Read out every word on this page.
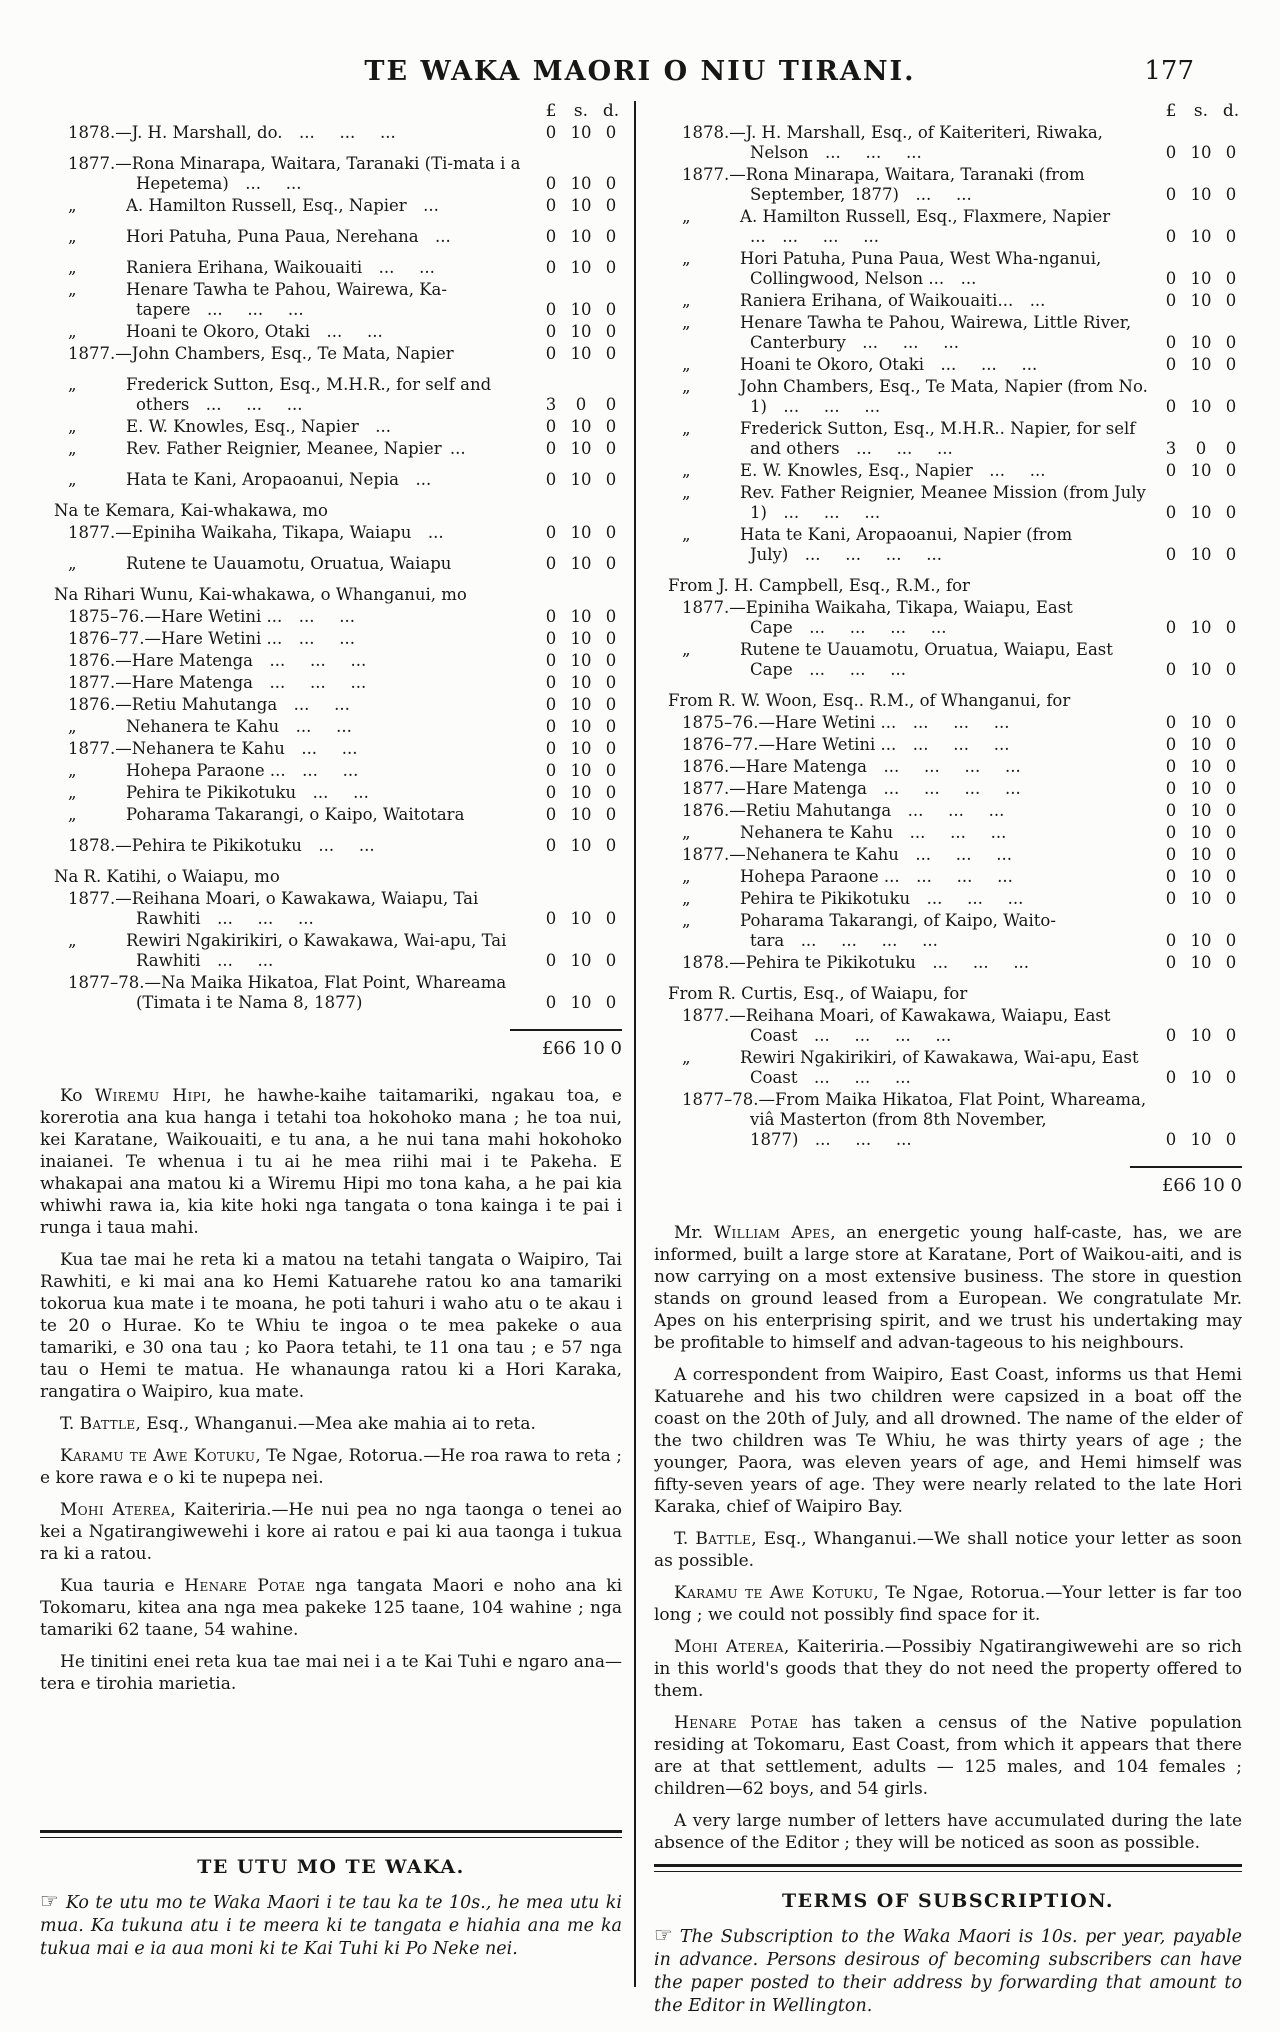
TE WAKA MAORI O NIU TIRANI.	177
£	s. d.
1878.—J. H. Marshall, do.  ...   ...   ...	0 10 0
1877.—Rona Minarapa, Waitara, Taranaki (Ti-mata i a Hepetema)  ...   ...	0 10 0
„   A. Hamilton Russell, Esq., Napier  ...	0 10 0
„   Hori Patuha, Puna Paua, Nerehana  ...	0 10 0
„   Raniera Erihana, Waikouaiti  ...   ...	0 10 0
„   Henare Tawha te Pahou, Wairewa, Ka-tapere  ...   ...   ...	0 10 0
„   Hoani te Okoro, Otaki  ...   ...	0 10 0
1877.—John Chambers, Esq., Te Mata, Napier	0 10 0
„   Frederick Sutton, Esq., M.H.R., for self and others  ...   ...   ...	3	0	0
„   E. W. Knowles, Esq., Napier  ...	0 10 0
„   Rev. Father Reignier, Meanee, Napier ...	0 10 0
„   Hata te Kani, Aropaoanui, Nepia  ...	0 10 0
Na te Kemara, Kai-whakawa, mo
1877.—Epiniha Waikaha, Tikapa, Waiapu  ...	0 10 0
„   Rutene te Uauamotu, Oruatua, Waiapu	0 10 0
Na Rihari Wunu, Kai-whakawa, o Whanganui, mo
1875–76.—Hare Wetini ...  ...   ...	0 10 0
1876–77.—Hare Wetini ...  ...   ...	0 10 0
1876.—Hare Matenga  ...   ...   ...	0 10 0
1877.—Hare Matenga  ...   ...   ...	0 10 0
1876.—Retiu Mahutanga  ...   ...	0 10 0
„   Nehanera te Kahu  ...   ...	0 10 0
1877.—Nehanera te Kahu  ...   ...	0 10 0
„   Hohepa Paraone ...  ...   ...	0 10 0
„   Pehira te Pikikotuku  ...   ...	0 10 0
„   Poharama Takarangi, o Kaipo, Waitotara	0 10 0
1878.—Pehira te Pikikotuku  ...   ...	0 10 0
Na R. Katihi, o Waiapu, mo
1877.—Reihana Moari, o Kawakawa, Waiapu, Tai Rawhiti  ...   ...   ...	0 10 0
„   Rewiri Ngakirikiri, o Kawakawa, Wai-apu, Tai Rawhiti  ...   ...	0 10 0
1877–78.—Na Maika Hikatoa, Flat Point, Whareama (Timata i te Nama 8, 1877)	0 10 0
£66 10 0

Ko Wiremu Hipi, he hawhe-kaihe taitamariki, ngakau toa, e korerotia ana kua hanga i tetahi toa hokohoko mana ; he toa nui, kei Karatane, Waikouaiti, e tu ana, a he nui tana mahi hokohoko inaianei. Te whenua i tu ai he mea riihi mai i te Pakeha. E whakapai ana matou ki a Wiremu Hipi mo tona kaha, a he pai kia whiwhi rawa ia, kia kite hoki nga tangata o tona kainga i te pai i runga i taua mahi.

Kua tae mai he reta ki a matou na tetahi tangata o Waipiro, Tai Rawhiti, e ki mai ana ko Hemi Katuarehe ratou ko ana tamariki tokorua kua mate i te moana, he poti tahuri i waho atu o te akau i te 20 o Hurae. Ko te Whiu te ingoa o te mea pakeke o aua tamariki, e 30 ona tau ; ko Paora tetahi, te 11 ona tau ; e 57 nga tau o Hemi te matua. He whanaunga ratou ki a Hori Karaka, rangatira o Waipiro, kua mate.

T. Battle, Esq., Whanganui.—Mea ake mahia ai to reta.

Karamu te Awe Kotuku, Te Ngae, Rotorua.—He roa rawa to reta ; e kore rawa e o ki te nupepa nei.

Mohi Aterea, Kaiteriria.—He nui pea no nga taonga o tenei ao kei a Ngatirangiwewehi i kore ai ratou e pai ki aua taonga i tukua ra ki a ratou.

Kua tauria e Henare Potae nga tangata Maori e noho ana ki Tokomaru, kitea ana nga mea pakeke 125 taane, 104 wahine ; nga tamariki 62 taane, 54 wahine.

He tinitini enei reta kua tae mai nei i a te Kai Tuhi e ngaro ana—tera e tirohia marietia.

TE UTU MO TE WAKA.
☞ Ko te utu mo te Waka Maori i te tau ka te 10s., he mea utu ki mua. Ka tukuna atu i te meera ki te tangata e hiahia ana me ka tukua mai e ia aua moni ki te Kai Tuhi ki Po Neke nei.
£	s. d.
1878.—J. H. Marshall, Esq., of Kaiteriteri, Riwaka, Nelson  ...   ...   ...	0 10 0
1877.—Rona Minarapa, Waitara, Taranaki (from September, 1877)  ...   ...	0 10 0
„   A. Hamilton Russell, Esq., Flaxmere, Napier ...  ...   ...   ...	0 10 0
„   Hori Patuha, Puna Paua, West Wha-nganui, Collingwood, Nelson ...  ...	0 10 0
„   Raniera Erihana, of Waikouaiti...  ...	0 10 0
„   Henare Tawha te Pahou, Wairewa, Little River, Canterbury  ...   ...   ...	0 10 0
„   Hoani te Okoro, Otaki  ...   ...   ...	0 10 0
„   John Chambers, Esq., Te Mata, Napier (from No. 1)  ...   ...   ...	0 10 0
„   Frederick Sutton, Esq., M.H.R.. Napier, for self and others  ...   ...   ...	3	0	0
„   E. W. Knowles, Esq., Napier  ...   ...	0 10 0
„   Rev. Father Reignier, Meanee Mission (from July 1)  ...   ...   ...	0 10 0
„   Hata te Kani, Aropaoanui, Napier (from July)  ...   ...   ...   ...	0 10 0
From J. H. Campbell, Esq., R.M., for
1877.—Epiniha Waikaha, Tikapa, Waiapu, East Cape  ...   ...   ...   ...	0 10 0
„   Rutene te Uauamotu, Oruatua, Waiapu, East Cape  ...   ...   ...	0 10 0
From R. W. Woon, Esq.. R.M., of Whanganui, for
1875–76.—Hare Wetini ...  ...   ...   ...	0 10 0
1876–77.—Hare Wetini ...  ...   ...   ...	0 10 0
1876.—Hare Matenga  ...   ...   ...   ...	0 10 0
1877.—Hare Matenga  ...   ...   ...   ...	0 10 0
1876.—Retiu Mahutanga  ...   ...   ...	0 10 0
„   Nehanera te Kahu  ...   ...   ...	0 10 0
1877.—Nehanera te Kahu  ...   ...   ...	0 10 0
„   Hohepa Paraone ...  ...   ...   ...	0 10 0
„   Pehira te Pikikotuku  ...   ...   ...	0 10 0
„   Poharama Takarangi, of Kaipo, Waito-tara  ...   ...   ...   ...	0 10 0
1878.—Pehira te Pikikotuku  ...   ...   ...	0 10 0
From R. Curtis, Esq., of Waiapu, for
1877.—Reihana Moari, of Kawakawa, Waiapu, East Coast  ...   ...   ...   ...	0 10 0
„   Rewiri Ngakirikiri, of Kawakawa, Wai-apu, East Coast  ...   ...   ...	0 10 0
1877–78.—From Maika Hikatoa, Flat Point, Whareama, viâ Masterton (from 8th November, 1877)  ...   ...   ...	0 10 0
£66 10 0

Mr. William Apes, an energetic young half-caste, has, we are informed, built a large store at Karatane, Port of Waikou-aiti, and is now carrying on a most extensive business. The store in question stands on ground leased from a European. We congratulate Mr. Apes on his enterprising spirit, and we trust his undertaking may be profitable to himself and advan-tageous to his neighbours.

A correspondent from Waipiro, East Coast, informs us that Hemi Katuarehe and his two children were capsized in a boat off the coast on the 20th of July, and all drowned. The name of the elder of the two children was Te Whiu, he was thirty years of age ; the younger, Paora, was eleven years of age, and Hemi himself was fifty-seven years of age. They were nearly related to the late Hori Karaka, chief of Waipiro Bay.

T. Battle, Esq., Whanganui.—We shall notice your letter as soon as possible.

Karamu te Awe Kotuku, Te Ngae, Rotorua.—Your letter is far too long ; we could not possibly find space for it.

Mohi Aterea, Kaiteriria.—Possibiy Ngatirangiwewehi are so rich in this world's goods that they do not need the property offered to them.

Henare Potae has taken a census of the Native population residing at Tokomaru, East Coast, from which it appears that there are at that settlement, adults — 125 males, and 104 females ; children—62 boys, and 54 girls.

A very large number of letters have accumulated during the late absence of the Editor ; they will be noticed as soon as possible.

TERMS OF SUBSCRIPTION.
☞ The Subscription to the Waka Maori is 10s. per year, payable in advance. Persons desirous of becoming subscribers can have the paper posted to their address by forwarding that amount to the Editor in Wellington.
